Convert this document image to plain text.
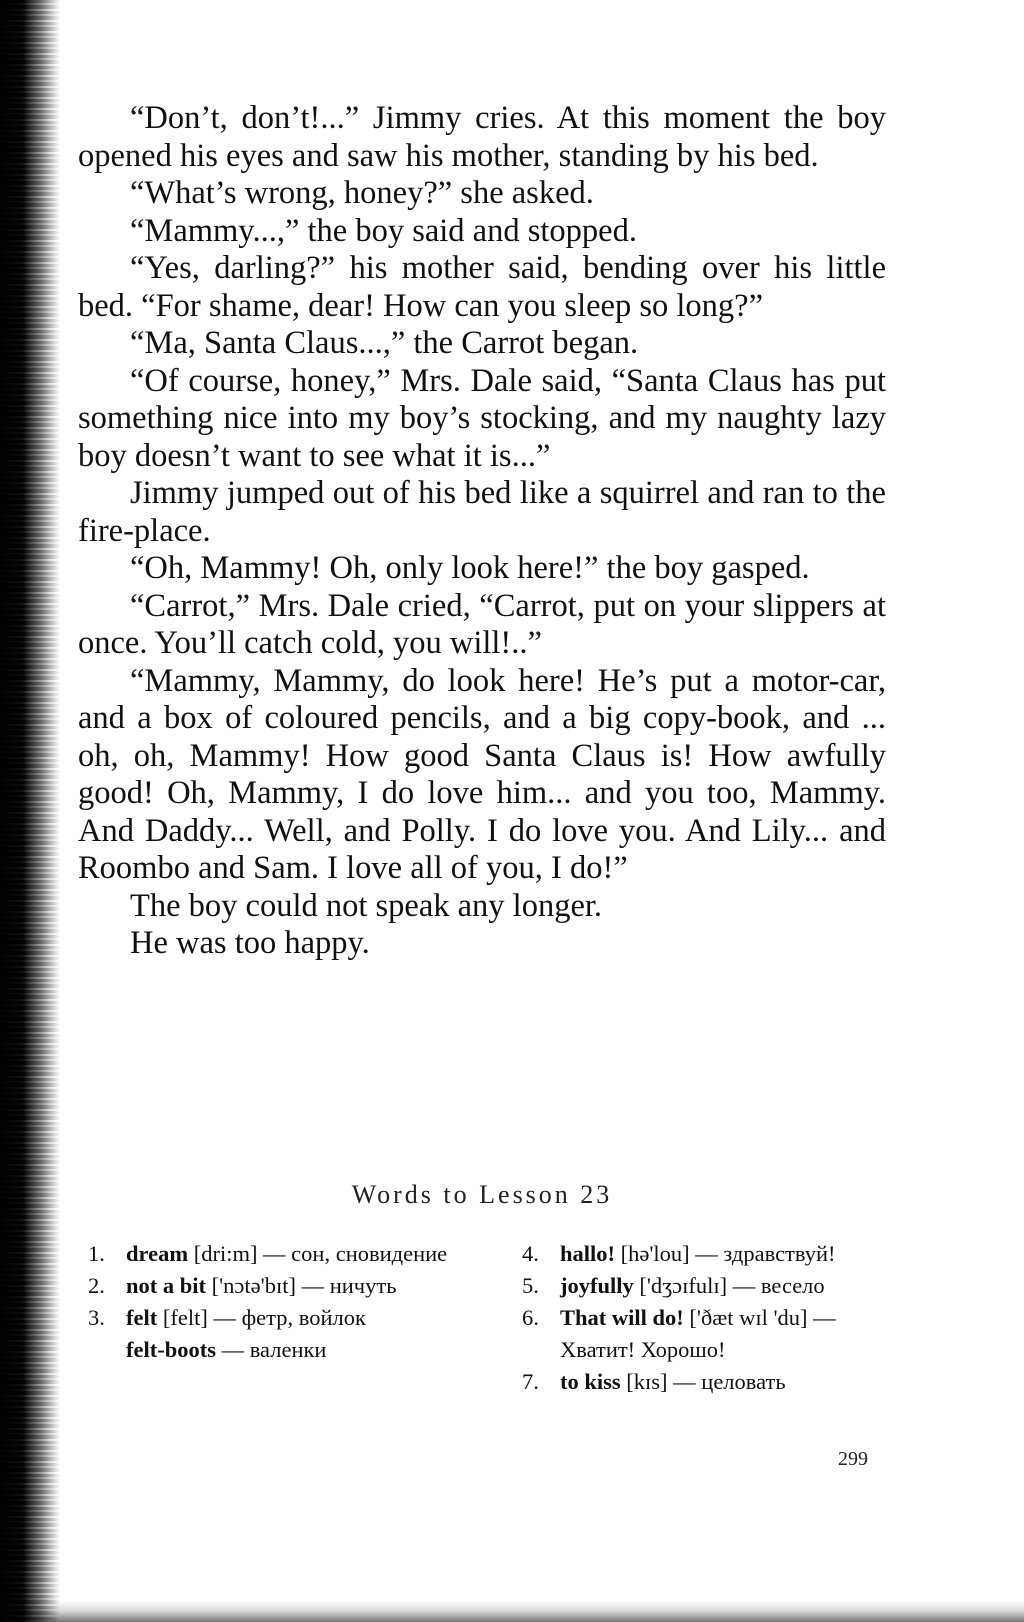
“Don’t, don’t!...” Jimmy cries. At this moment the boy opened his eyes and saw his mother, standing by his bed.

“What’s wrong, honey?” she asked.

“Mammy...,” the boy said and stopped.

“Yes, darling?” his mother said, bending over his little bed. “For shame, dear! How can you sleep so long?”

“Ma, Santa Claus...,” the Carrot began.

“Of course, honey,” Mrs. Dale said, “Santa Claus has put something nice into my boy’s stocking, and my naughty lazy boy doesn’t want to see what it is...”

Jimmy jumped out of his bed like a squirrel and ran to the fire-place.

“Oh, Mammy! Oh, only look here!” the boy gasped.

“Carrot,” Mrs. Dale cried, “Carrot, put on your slippers at once. You’ll catch cold, you will!..”

“Mammy, Mammy, do look here! He’s put a motor-car, and a box of coloured pencils, and a big copy-book, and ... oh, oh, Mammy! How good Santa Claus is! How awfully good! Oh, Mammy, I do love him... and you too, Mammy. And Daddy... Well, and Polly. I do love you. And Lily... and Roombo and Sam. I love all of you, I do!”

The boy could not speak any longer.

He was too happy.

Words to Lesson 23
1. dream [dri:m] — сон, сновидение
2. not a bit ['nɔtə'bɪt] — ничуть
3. felt [felt] — фетр, войлок
felt-boots — валенки
4. hallo! [hə'lou] — здравствуй!
5. joyfully ['dʒɔɪfulɪ] — весело
6. That will do! ['ðæt wɪl 'du] — Хватит! Хорошо!
7. to kiss [kɪs] — целовать
299
